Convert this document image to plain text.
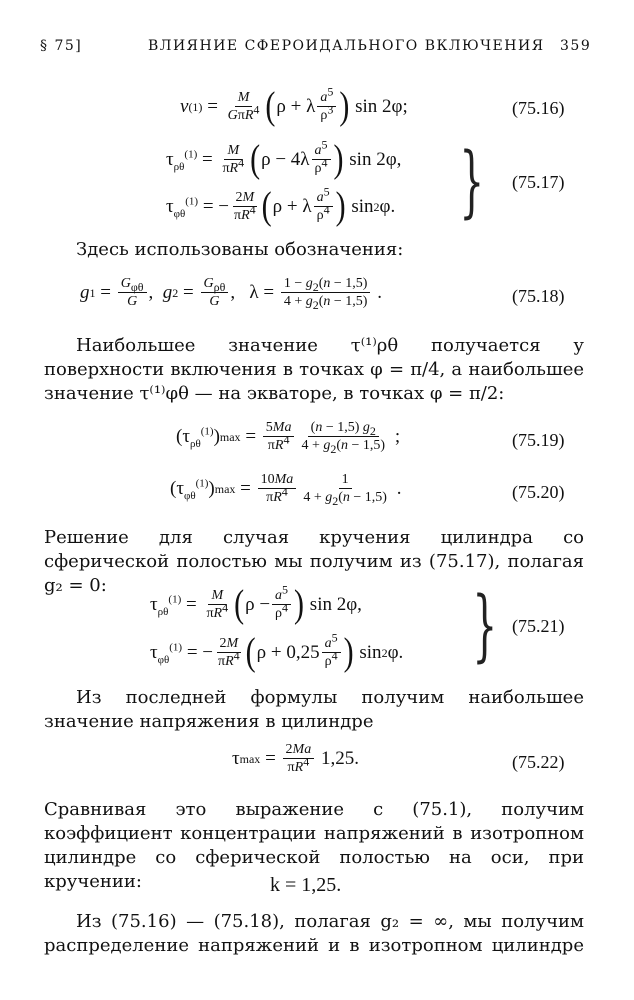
§ 75]	ВЛИЯНИЕ СФЕРОИДАЛЬНОГО ВКЛЮЧЕНИЯ 359
v $(1) = \frac{M}{G\pi R^4}$ ( ρ + λ $\frac{a^5}{\rho^3}$ ) sin 2φ;	(75.16)
$\tau_{\rho\theta}^{(1)} = \frac{M}{\pi R^4}$ ( $\rho - 4\lambda \frac{a^5}{\rho^4}$ ) sin 2φ,
$\tau_{\varphi\theta}^{(1)}$ = − $\frac{2M}{\pi R^4}$ ( ρ + λ $\frac{a^5}{\rho^4}$ ) sin 2 φ. } (75.17)
Здесь использованы обозначения:
g $1 = \frac{G_{\varphi\theta}}{G}$ , g $2 = \frac{G_{\rho\theta}}{G}$ ,   $\lambda = \frac{1 - g_2(n - 1,5)}{4 + g_2(n - 1,5)}$ .	(75.18)
Наибольшее значение τ⁽¹⁾ρθ получается у поверхности включения в точках φ = π/4, а наибольшее значение τ⁽¹⁾φθ — на экваторе, в точках φ = π/2:
( $\tau_{\rho\theta}^{(1)}$ ) $\max = \frac{5Ma}{\pi R^4} \frac{(n - 1,5) g_2}{4 + g_2(n - 1,5)}$ ;	(75.19)
( $\tau_{\varphi\theta}^{(1)}$ ) $\max = \frac{10Ma}{\pi R^4} \frac{1}{4 + g_2(n - 1,5)}$ .	(75.20)
Решение для случая кручения цилиндра со сферической полостью мы получим из (75.17), полагая g₂ = 0:
$\tau_{\rho\theta}^{(1)} = \frac{M}{\pi R^4}$ ( $\rho - \frac{a^5}{\rho^4}$ ) sin 2φ,
$\tau_{\varphi\theta}^{(1)}$ = − $\frac{2M}{\pi R^4}$ ( $\rho + 0,25 \frac{a^5}{\rho^4}$ ) sin 2 φ. } (75.21)
Из последней формулы получим наибольшее значение напряжения в цилиндре
τ $\max = \frac{2Ma}{\pi R^4} 1,25$.	(75.22)
Сравнивая это выражение с (75.1), получим коэффициент концентрации напряжений в изотропном цилиндре со сферической полостью на оси, при кручении:	k = 1,25.
Из (75.16) — (75.18), полагая g₂ = ∞, мы получим распределение напряжений и в изотропном цилиндре
